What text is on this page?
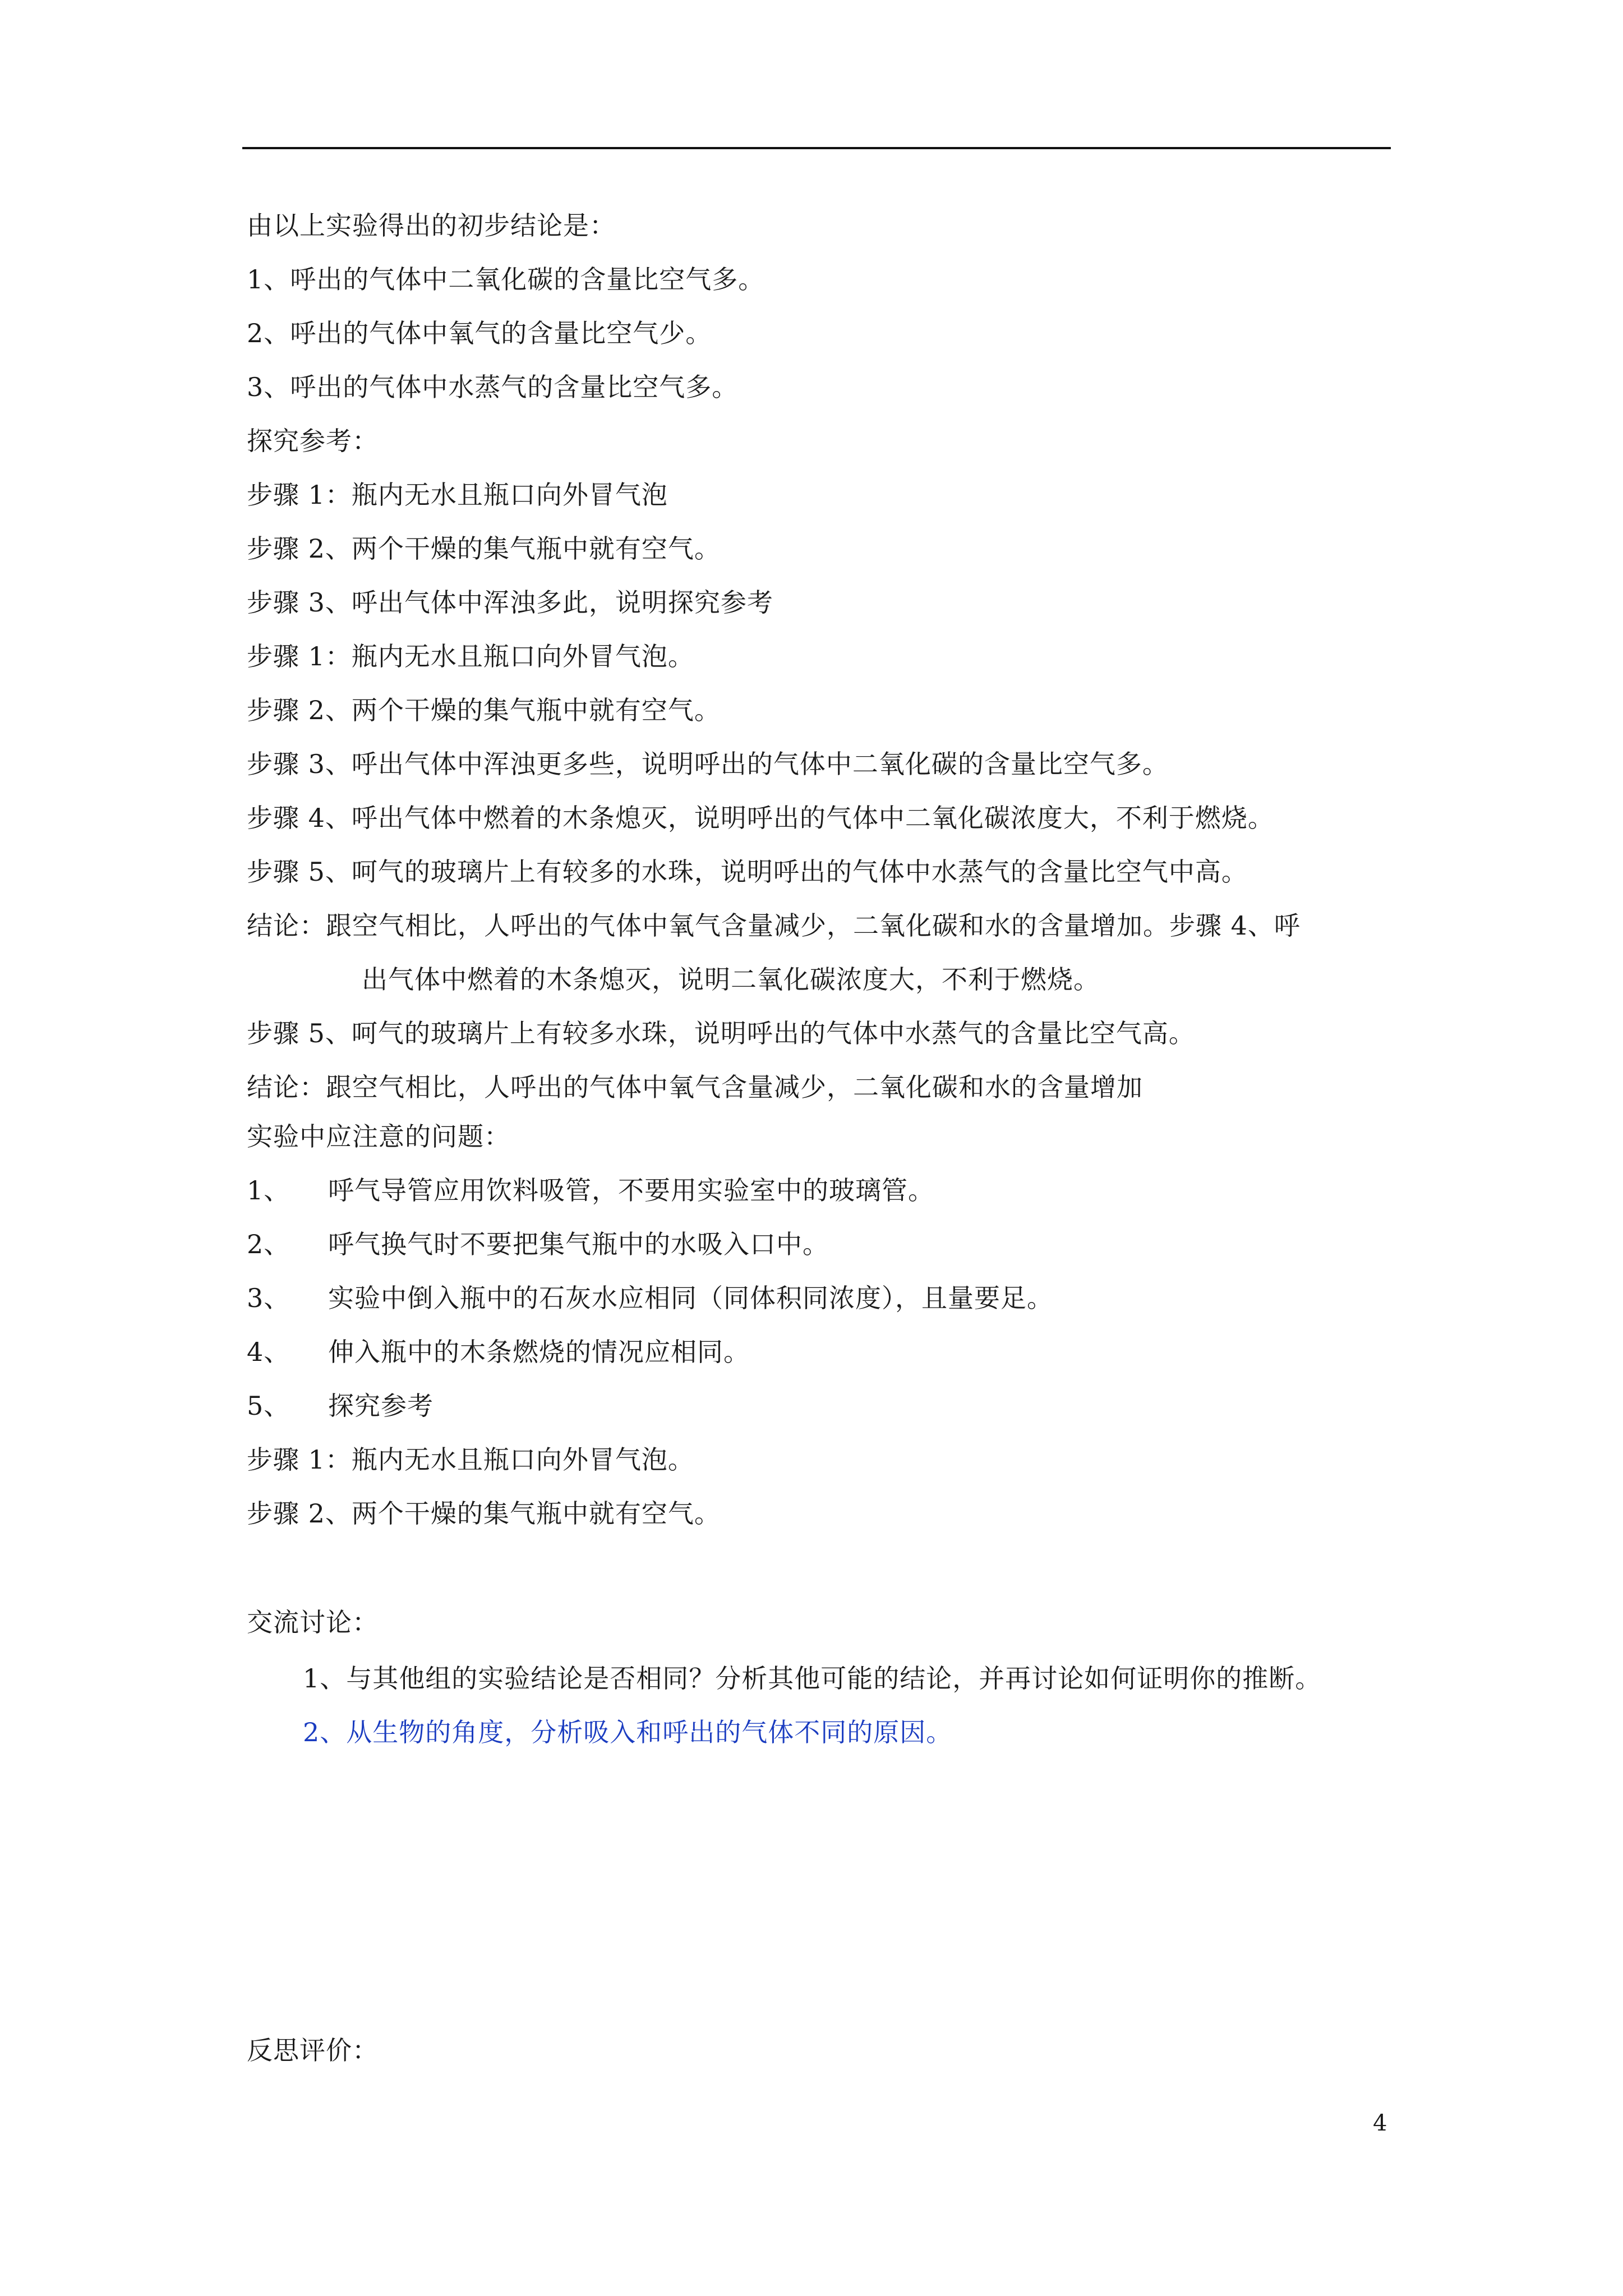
由以上实验得出的初步结论是：
1、呼出的气体中二氧化碳的含量比空气多。
2、呼出的气体中氧气的含量比空气少。
3、呼出的气体中水蒸气的含量比空气多。
探究参考：
步骤 1：瓶内无水且瓶口向外冒气泡
步骤 2、两个干燥的集气瓶中就有空气。
步骤 3、呼出气体中浑浊多此，说明探究参考
步骤 1：瓶内无水且瓶口向外冒气泡。
步骤 2、两个干燥的集气瓶中就有空气。
步骤 3、呼出气体中浑浊更多些，说明呼出的气体中二氧化碳的含量比空气多。
步骤 4、呼出气体中燃着的木条熄灭，说明呼出的气体中二氧化碳浓度大，不利于燃烧。
步骤 5、呵气的玻璃片上有较多的水珠，说明呼出的气体中水蒸气的含量比空气中高。
结论：跟空气相比，人呼出的气体中氧气含量减少，二氧化碳和水的含量增加。步骤 4、呼
出气体中燃着的木条熄灭，说明二氧化碳浓度大，不利于燃烧。
步骤 5、呵气的玻璃片上有较多水珠，说明呼出的气体中水蒸气的含量比空气高。
结论：跟空气相比，人呼出的气体中氧气含量减少，二氧化碳和水的含量增加
实验中应注意的问题：
1、 呼气导管应用饮料吸管，不要用实验室中的玻璃管。
2、 呼气换气时不要把集气瓶中的水吸入口中。
3、 实验中倒入瓶中的石灰水应相同（同体积同浓度），且量要足。
4、 伸入瓶中的木条燃烧的情况应相同。
5、 探究参考
步骤 1：瓶内无水且瓶口向外冒气泡。
步骤 2、两个干燥的集气瓶中就有空气。
交流讨论：
1、与其他组的实验结论是否相同？分析其他可能的结论，并再讨论如何证明你的推断。
2、从生物的角度，分析吸入和呼出的气体不同的原因。
反思评价：
4
